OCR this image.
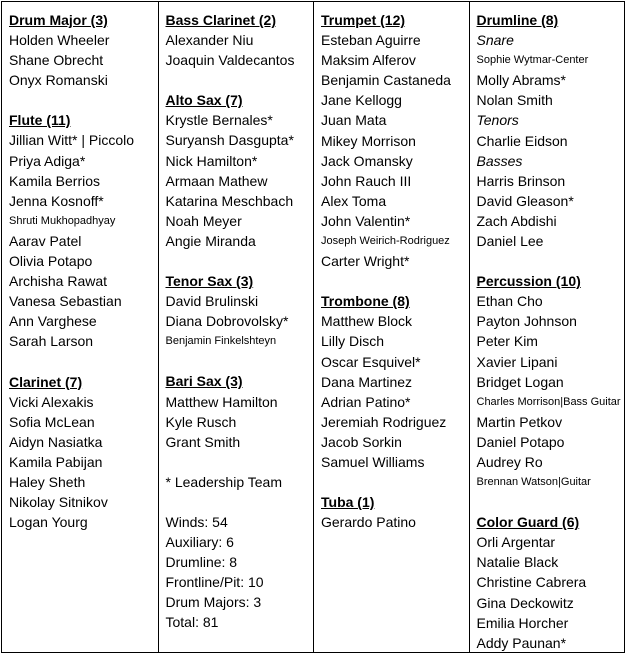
Drum Major (3)
Holden Wheeler
Shane Obrecht
Onyx Romanski
Flute (11)
Jillian Witt* | Piccolo
Priya Adiga*
Kamila Berrios
Jenna Kosnoff*
Shruti Mukhopadhyay
Aarav Patel
Olivia Potapo
Archisha Rawat
Vanesa Sebastian
Ann Varghese
Sarah Larson
Clarinet (7)
Vicki Alexakis
Sofia McLean
Aidyn Nasiatka
Kamila Pabijan
Haley Sheth
Nikolay Sitnikov
Logan Yourg
Bass Clarinet (2)
Alexander Niu
Joaquin Valdecantos
Alto Sax (7)
Krystle Bernales*
Suryansh Dasgupta*
Nick Hamilton*
Armaan Mathew
Katarina Meschbach
Noah Meyer
Angie Miranda
Tenor Sax (3)
David Brulinski
Diana Dobrovolsky*
Benjamin Finkelshteyn
Bari Sax (3)
Matthew Hamilton
Kyle Rusch
Grant Smith
* Leadership Team
Winds: 54
Auxiliary: 6
Drumline: 8
Frontline/Pit: 10
Drum Majors: 3
Total: 81
Trumpet (12)
Esteban Aguirre
Maksim Alferov
Benjamin Castaneda
Jane Kellogg
Juan Mata
Mikey Morrison
Jack Omansky
John Rauch III
Alex Toma
John Valentin*
Joseph Weirich-Rodriguez
Carter Wright*
Trombone (8)
Matthew Block
Lilly Disch
Oscar Esquivel*
Dana Martinez
Adrian Patino*
Jeremiah Rodriguez
Jacob Sorkin
Samuel Williams
Tuba (1)
Gerardo Patino
Drumline (8)
Snare
Sophie Wytmar-Center
Molly Abrams*
Nolan Smith
Tenors
Charlie Eidson
Basses
Harris Brinson
David Gleason*
Zach Abdishi
Daniel Lee
Percussion (10)
Ethan Cho
Payton Johnson
Peter Kim
Xavier Lipani
Bridget Logan
Charles Morrison|Bass Guitar
Martin Petkov
Daniel Potapo
Audrey Ro
Brennan Watson|Guitar
Color Guard (6)
Orli Argentar
Natalie Black
Christine Cabrera
Gina Deckowitz
Emilia Horcher
Addy Paunan*
